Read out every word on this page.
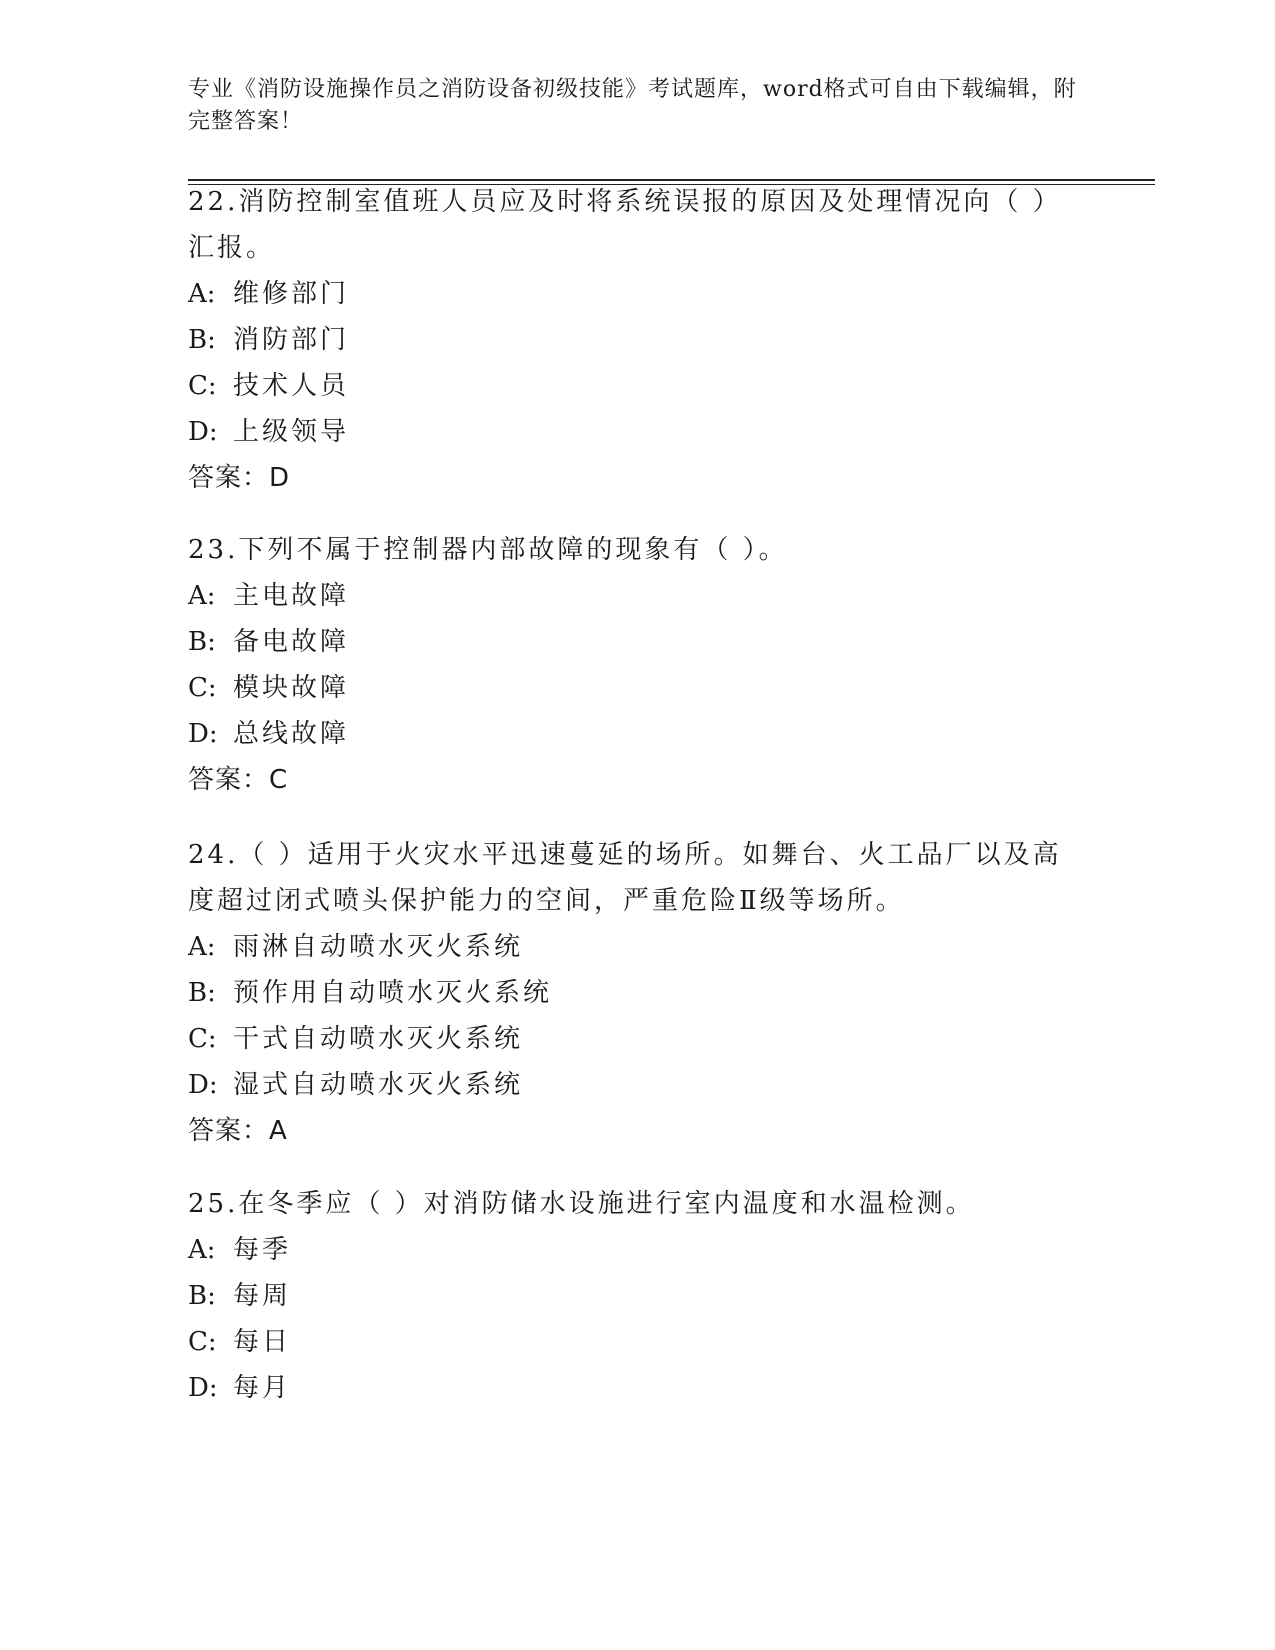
专业《消防设施操作员之消防设备初级技能》考试题库，word格式可自由下载编辑，附完整答案！

22.消防控制室值班人员应及时将系统误报的原因及处理情况向（ ）汇报。

A: 维修部门
B: 消防部门
C: 技术人员
D: 上级领导
答案：D

23.下列不属于控制器内部故障的现象有（ ）。

A: 主电故障
B: 备电故障
C: 模块故障
D: 总线故障
答案：C

24.（ ）适用于火灾水平迅速蔓延的场所。如舞台、火工品厂以及高度超过闭式喷头保护能力的空间，严重危险Ⅱ级等场所。

A: 雨淋自动喷水灭火系统
B: 预作用自动喷水灭火系统
C: 干式自动喷水灭火系统
D: 湿式自动喷水灭火系统
答案：A

25.在冬季应（ ）对消防储水设施进行室内温度和水温检测。

A: 每季
B: 每周
C: 每日
D: 每月
